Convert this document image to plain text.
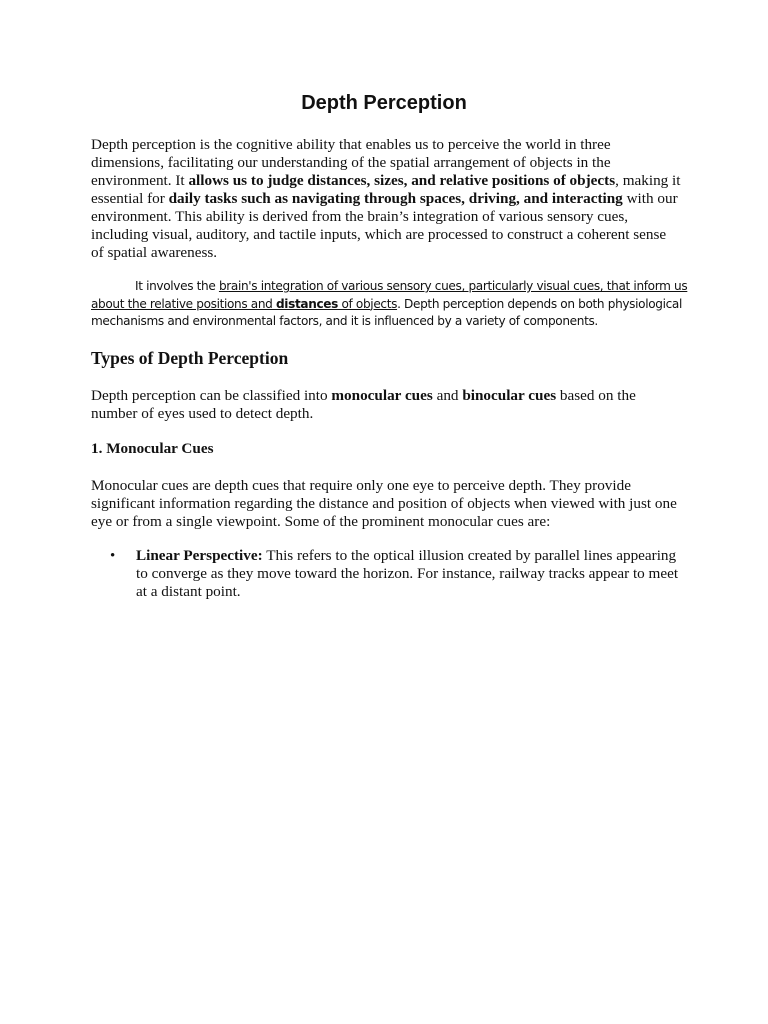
Depth Perception

Depth perception is the cognitive ability that enables us to perceive the world in three dimensions, facilitating our understanding of the spatial arrangement of objects in the environment. It allows us to judge distances, sizes, and relative positions of objects, making it essential for daily tasks such as navigating through spaces, driving, and interacting with our environment. This ability is derived from the brain’s integration of various sensory cues, including visual, auditory, and tactile inputs, which are processed to construct a coherent sense of spatial awareness.

It involves the brain's integration of various sensory cues, particularly visual cues, that inform us about the relative positions and distances of objects. Depth perception depends on both physiological mechanisms and environmental factors, and it is influenced by a variety of components.

Types of Depth Perception

Depth perception can be classified into monocular cues and binocular cues based on the number of eyes used to detect depth.

1. Monocular Cues

Monocular cues are depth cues that require only one eye to perceive depth. They provide significant information regarding the distance and position of objects when viewed with just one eye or from a single viewpoint. Some of the prominent monocular cues are:

• Linear Perspective: This refers to the optical illusion created by parallel lines appearing to converge as they move toward the horizon. For instance, railway tracks appear to meet at a distant point.
